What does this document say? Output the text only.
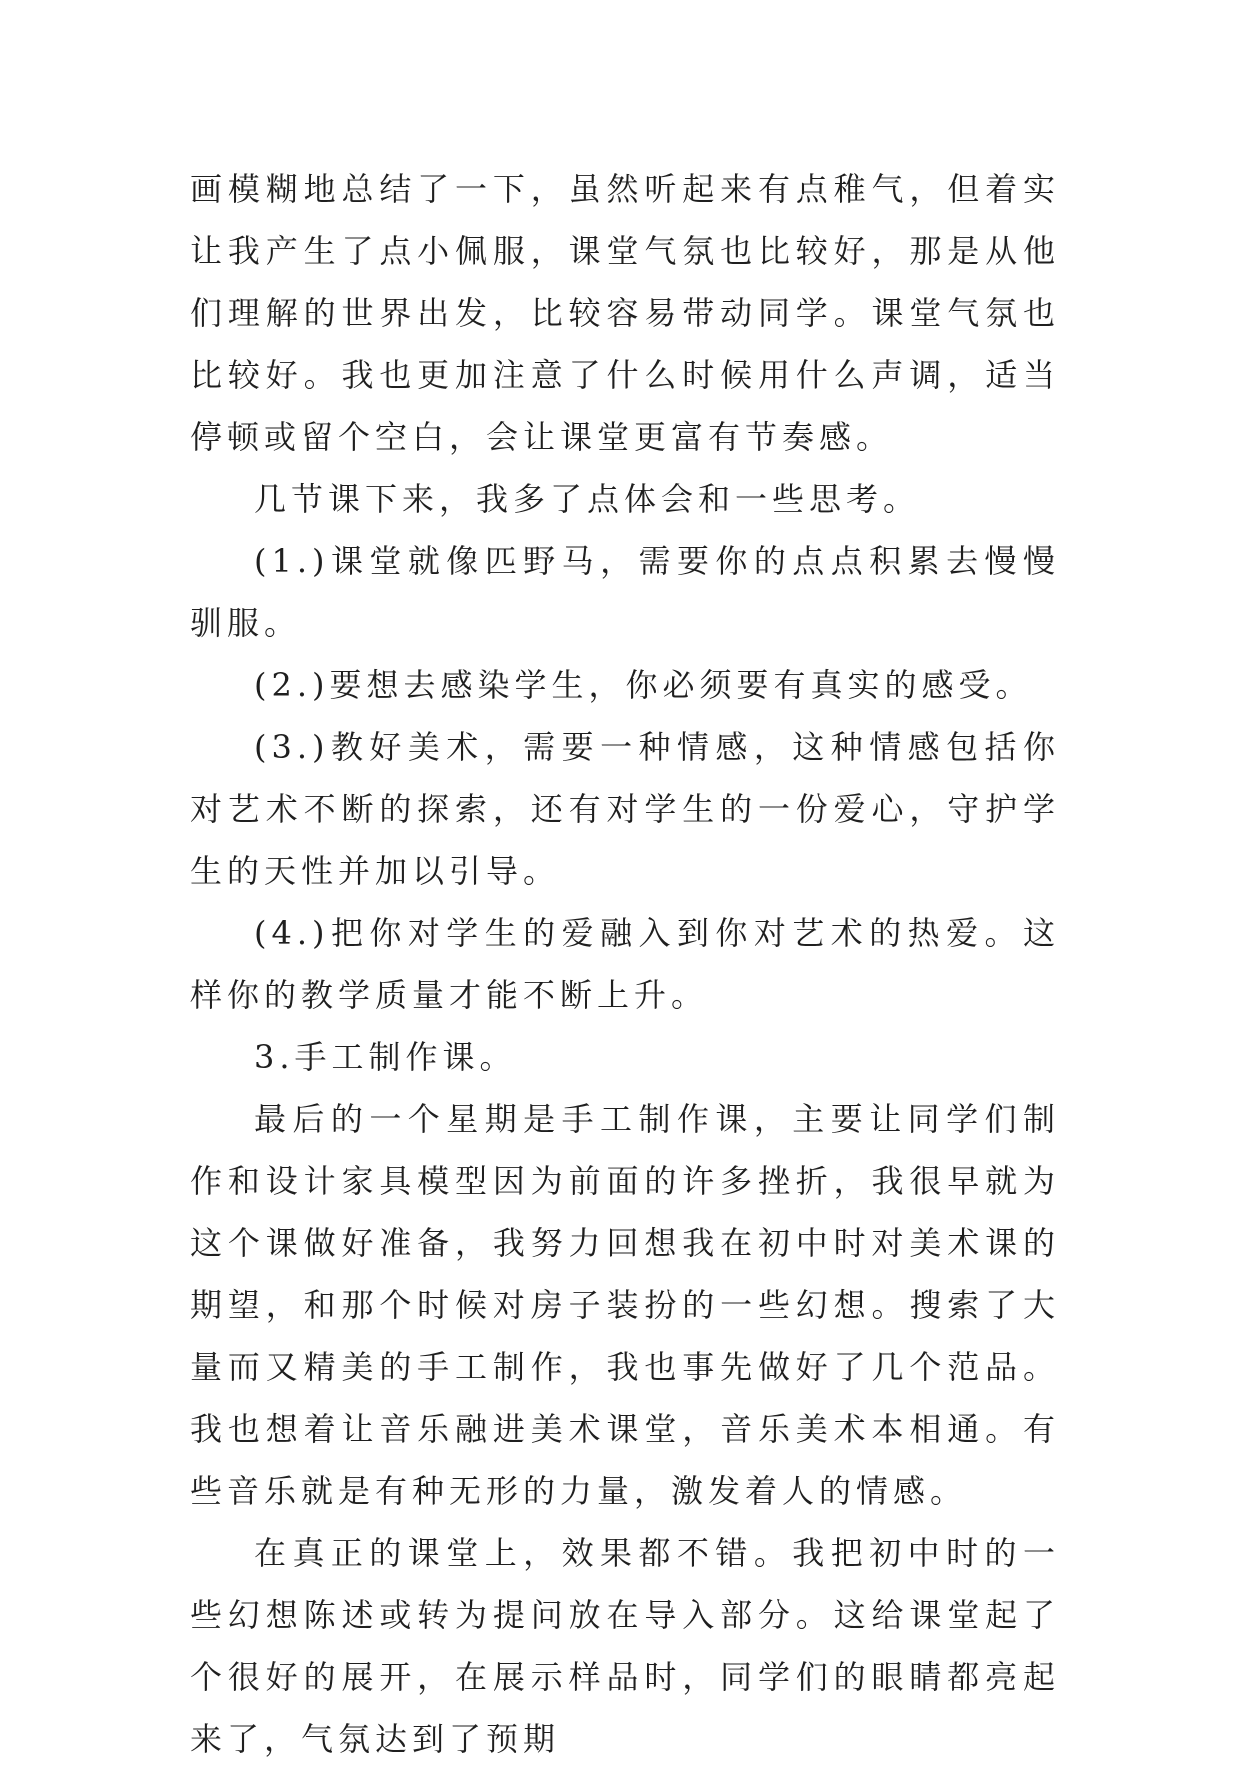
画模糊地总结了一下，虽然听起来有点稚气，但着实让我产生了点小佩服，课堂气氛也比较好，那是从他们理解的世界出发，比较容易带动同学。课堂气氛也比较好。我也更加注意了什么时候用什么声调，适当停顿或留个空白，会让课堂更富有节奏感。

几节课下来，我多了点体会和一些思考。

(1.)课堂就像匹野马，需要你的点点积累去慢慢驯服。

(2.)要想去感染学生，你必须要有真实的感受。

(3.)教好美术，需要一种情感，这种情感包括你对艺术不断的探索，还有对学生的一份爱心，守护学生的天性并加以引导。

(4.)把你对学生的爱融入到你对艺术的热爱。这样你的教学质量才能不断上升。

3.手工制作课。

最后的一个星期是手工制作课，主要让同学们制作和设计家具模型因为前面的许多挫折，我很早就为这个课做好准备，我努力回想我在初中时对美术课的期望，和那个时候对房子装扮的一些幻想。搜索了大量而又精美的手工制作，我也事先做好了几个范品。我也想着让音乐融进美术课堂，音乐美术本相通。有些音乐就是有种无形的力量，激发着人的情感。

在真正的课堂上，效果都不错。我把初中时的一些幻想陈述或转为提问放在导入部分。这给课堂起了个很好的展开，在展示样品时，同学们的眼睛都亮起来了，气氛达到了预期
